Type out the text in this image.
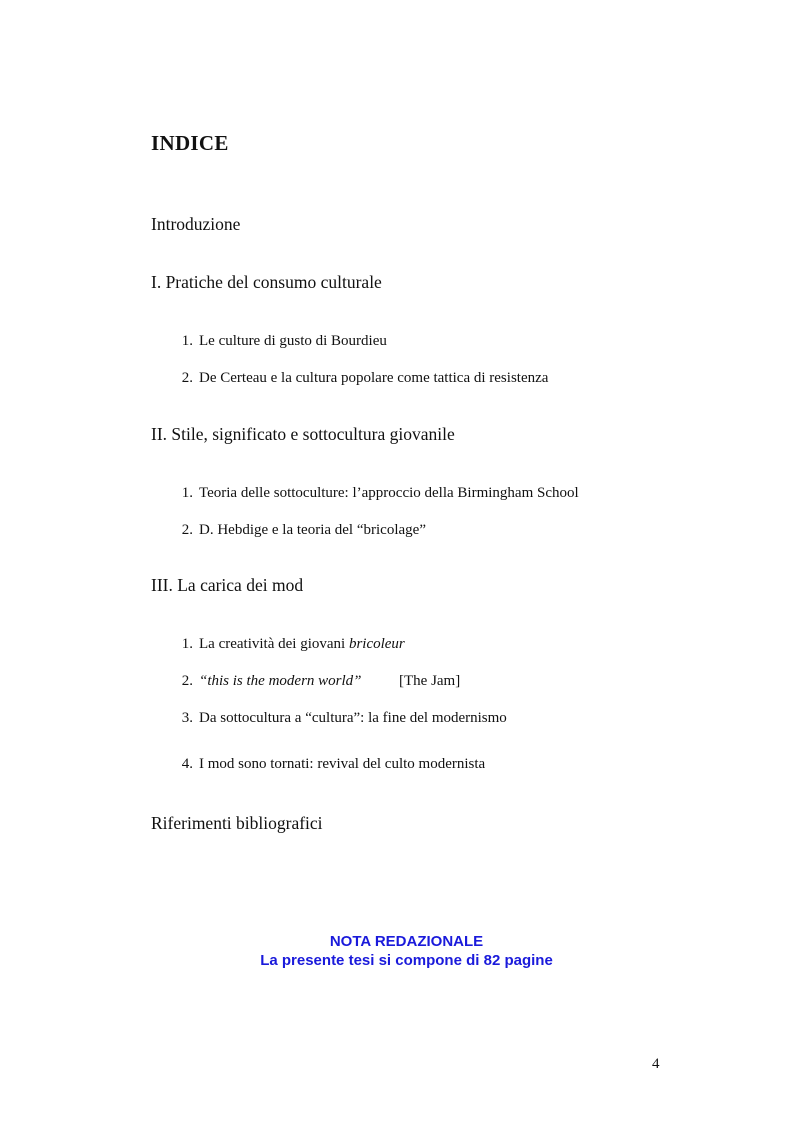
INDICE
Introduzione
I. Pratiche del consumo culturale
1. Le culture di gusto di Bourdieu
2. De Certeau e la cultura popolare come tattica di resistenza
II. Stile, significato e sottocultura giovanile
1. Teoria delle sottoculture: l’approccio della Birmingham School
2. D. Hebdige e la teoria del “bricolage”
III. La carica dei mod
1. La creatività dei giovani bricoleur
2. “this is the modern world” [The Jam]
3. Da sottocultura a “cultura”: la fine del modernismo
4. I mod sono tornati: revival del culto modernista
Riferimenti bibliografici
NOTA REDAZIONALE
La presente tesi si compone di 82 pagine
4
